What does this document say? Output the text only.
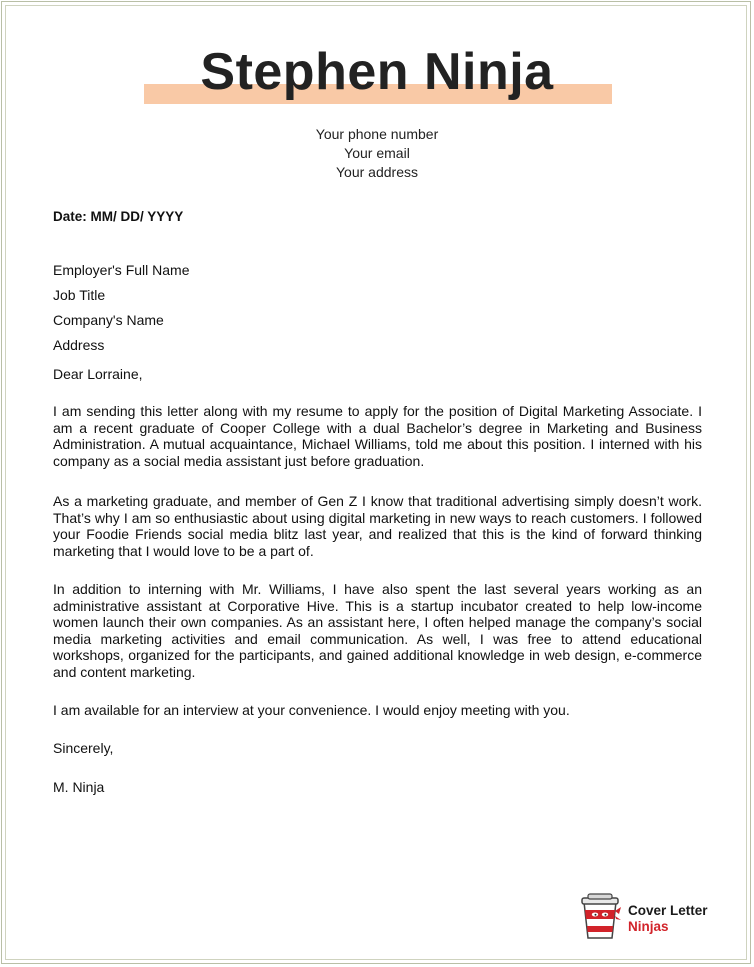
Stephen Ninja
Your phone number
Your email
Your address
Date: MM/ DD/ YYYY
Employer's Full Name
Job Title
Company's Name
Address
Dear Lorraine,

I am sending this letter along with my resume to apply for the position of Digital Marketing Associate. I am a recent graduate of Cooper College with a dual Bachelor’s degree in Marketing and Business Administration. A mutual acquaintance, Michael Williams, told me about this position. I interned with his company as a social media assistant just before graduation.

As a marketing graduate, and member of Gen Z I know that traditional advertising simply doesn’t work. That’s why I am so enthusiastic about using digital marketing in new ways to reach customers. I followed your Foodie Friends social media blitz last year, and realized that this is the kind of forward thinking marketing that I would love to be a part of.

In addition to interning with Mr. Williams, I have also spent the last several years working as an administrative assistant at Corporative Hive. This is a startup incubator created to help low-income women launch their own companies. As an assistant here, I often helped manage the company’s social media marketing activities and email communication. As well, I was free to attend educational workshops, organized for the participants, and gained additional knowledge in web design, e-commerce and content marketing.

I am available for an interview at your convenience. I would enjoy meeting with you.

Sincerely,
M. Ninja
Cover Letter
Ninjas
